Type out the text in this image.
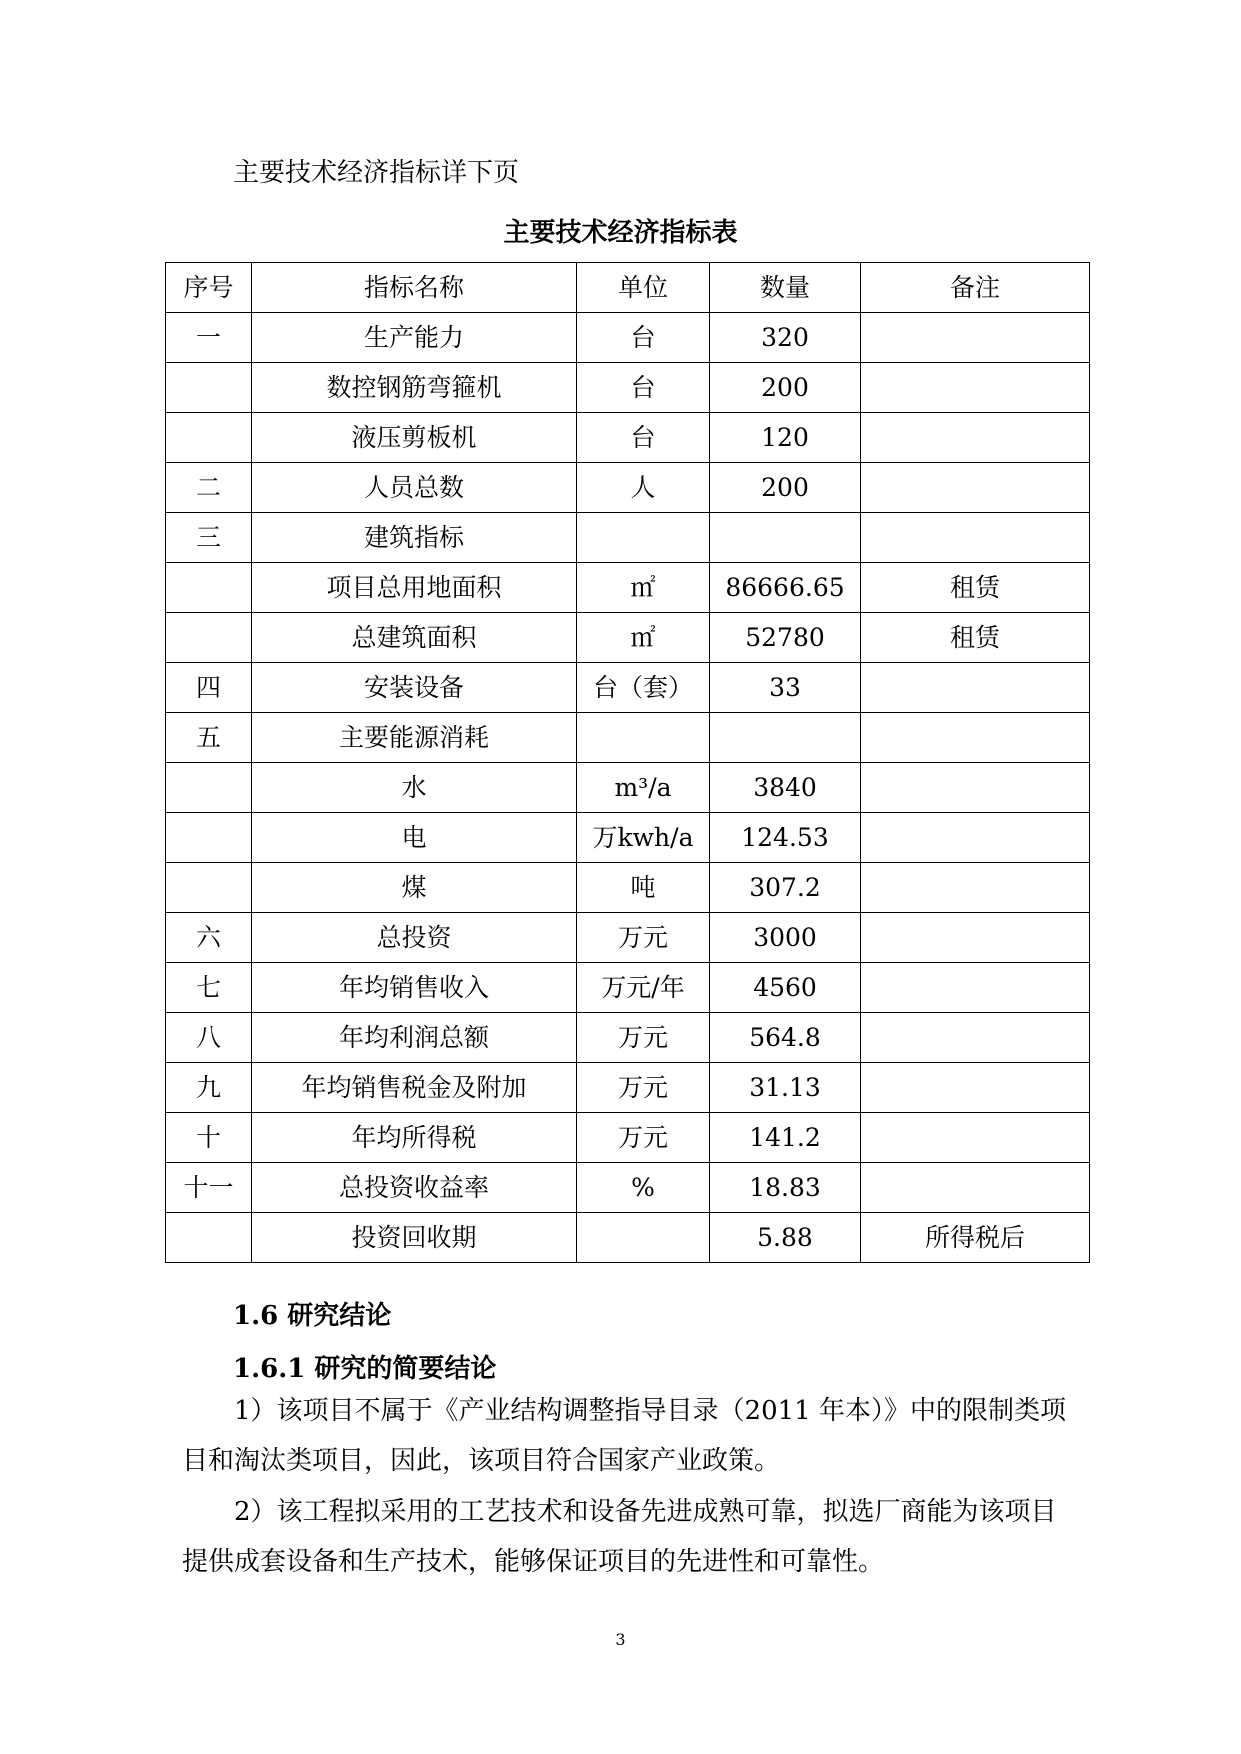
主要技术经济指标详下页
主要技术经济指标表
序号	指标名称	单位	数量	备注
一	生产能力	台	320	
	数控钢筋弯箍机	台	200	
	液压剪板机	台	120	
二	人员总数	人	200	
三	建筑指标			
	项目总用地面积	㎡	86666.65	租赁
	总建筑面积	㎡	52780	租赁
四	安装设备	台（套）	33	
五	主要能源消耗			
	水	m³/a	3840	
	电	万kwh/a	124.53	
	煤	吨	307.2	
六	总投资	万元	3000	
七	年均销售收入	万元/年	4560	
八	年均利润总额	万元	564.8	
九	年均销售税金及附加	万元	31.13	
十	年均所得税	万元	141.2	
十一	总投资收益率	%	18.83	
	投资回收期		5.88	所得税后
1.6 研究结论
1.6.1 研究的简要结论
1）该项目不属于《产业结构调整指导目录（2011 年本）》中的限制类项目和淘汰类项目，因此，该项目符合国家产业政策。
2）该工程拟采用的工艺技术和设备先进成熟可靠，拟选厂商能为该项目提供成套设备和生产技术，能够保证项目的先进性和可靠性。
3
